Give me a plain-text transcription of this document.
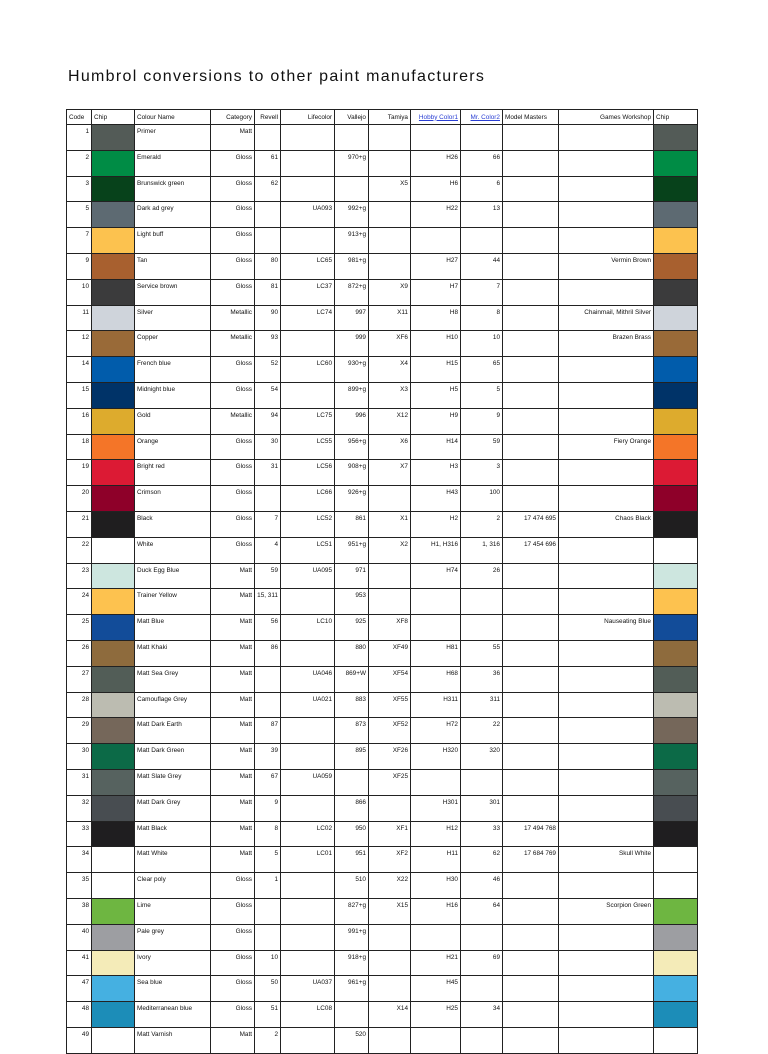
Humbrol conversions to other paint manufacturers
Code	Chip	Colour Name	Category	Revell	Lifecolor	Vallejo	Tamiya	Hobby Color1	Mr. Color2	Model Masters	Games Workshop	Chip
1		Primer	Matt									
2		Emerald	Gloss	61		970+g		H26	66			
3		Brunswick green	Gloss	62			X5	H6	6			
5		Dark ad grey	Gloss		UA093	992+g		H22	13			
7		Light buff	Gloss			913+g						
9		Tan	Gloss	80	LC65	981+g		H27	44		Vermin Brown	
10		Service brown	Gloss	81	LC37	872+g	X9	H7	7			
11		Silver	Metallic	90	LC74	997	X11	H8	8		Chainmail, Mithril Silver	
12		Copper	Metallic	93		999	XF6	H10	10		Brazen Brass	
14		French blue	Gloss	52	LC60	930+g	X4	H15	65			
15		Midnight blue	Gloss	54		899+g	X3	H5	5			
16		Gold	Metallic	94	LC75	996	X12	H9	9			
18		Orange	Gloss	30	LC55	956+g	X6	H14	59		Fiery Orange	
19		Bright red	Gloss	31	LC56	908+g	X7	H3	3			
20		Crimson	Gloss		LC66	926+g		H43	100			
21		Black	Gloss	7	LC52	861	X1	H2	2	17 474 695	Chaos Black	
22		White	Gloss	4	LC51	951+g	X2	H1, H316	1, 316	17 454 696		
23		Duck Egg Blue	Matt	59	UA095	971		H74	26			
24		Trainer Yellow	Matt	15, 311		953						
25		Matt Blue	Matt	56	LC10	925	XF8				Nauseating Blue	
26		Matt Khaki	Matt	86		880	XF49	H81	55			
27		Matt Sea Grey	Matt		UA046	869+W	XF54	H68	36			
28		Camouflage Grey	Matt		UA021	883	XF55	H311	311			
29		Matt Dark Earth	Matt	87		873	XF52	H72	22			
30		Matt Dark Green	Matt	39		895	XF26	H320	320			
31		Matt Slate Grey	Matt	67	UA059		XF25					
32		Matt Dark Grey	Matt	9		866		H301	301			
33		Matt Black	Matt	8	LC02	950	XF1	H12	33	17 494 768		
34		Matt White	Matt	5	LC01	951	XF2	H11	62	17 684 769	Skull White	
35		Clear poly	Gloss	1		510	X22	H30	46			
38		Lime	Gloss			827+g	X15	H16	64		Scorpion Green	
40		Pale grey	Gloss			991+g						
41		Ivory	Gloss	10		918+g		H21	69			
47		Sea blue	Gloss	50	UA037	961+g		H45				
48		Mediterranean blue	Gloss	51	LC08		X14	H25	34			
49		Matt Varnish	Matt	2		520						
